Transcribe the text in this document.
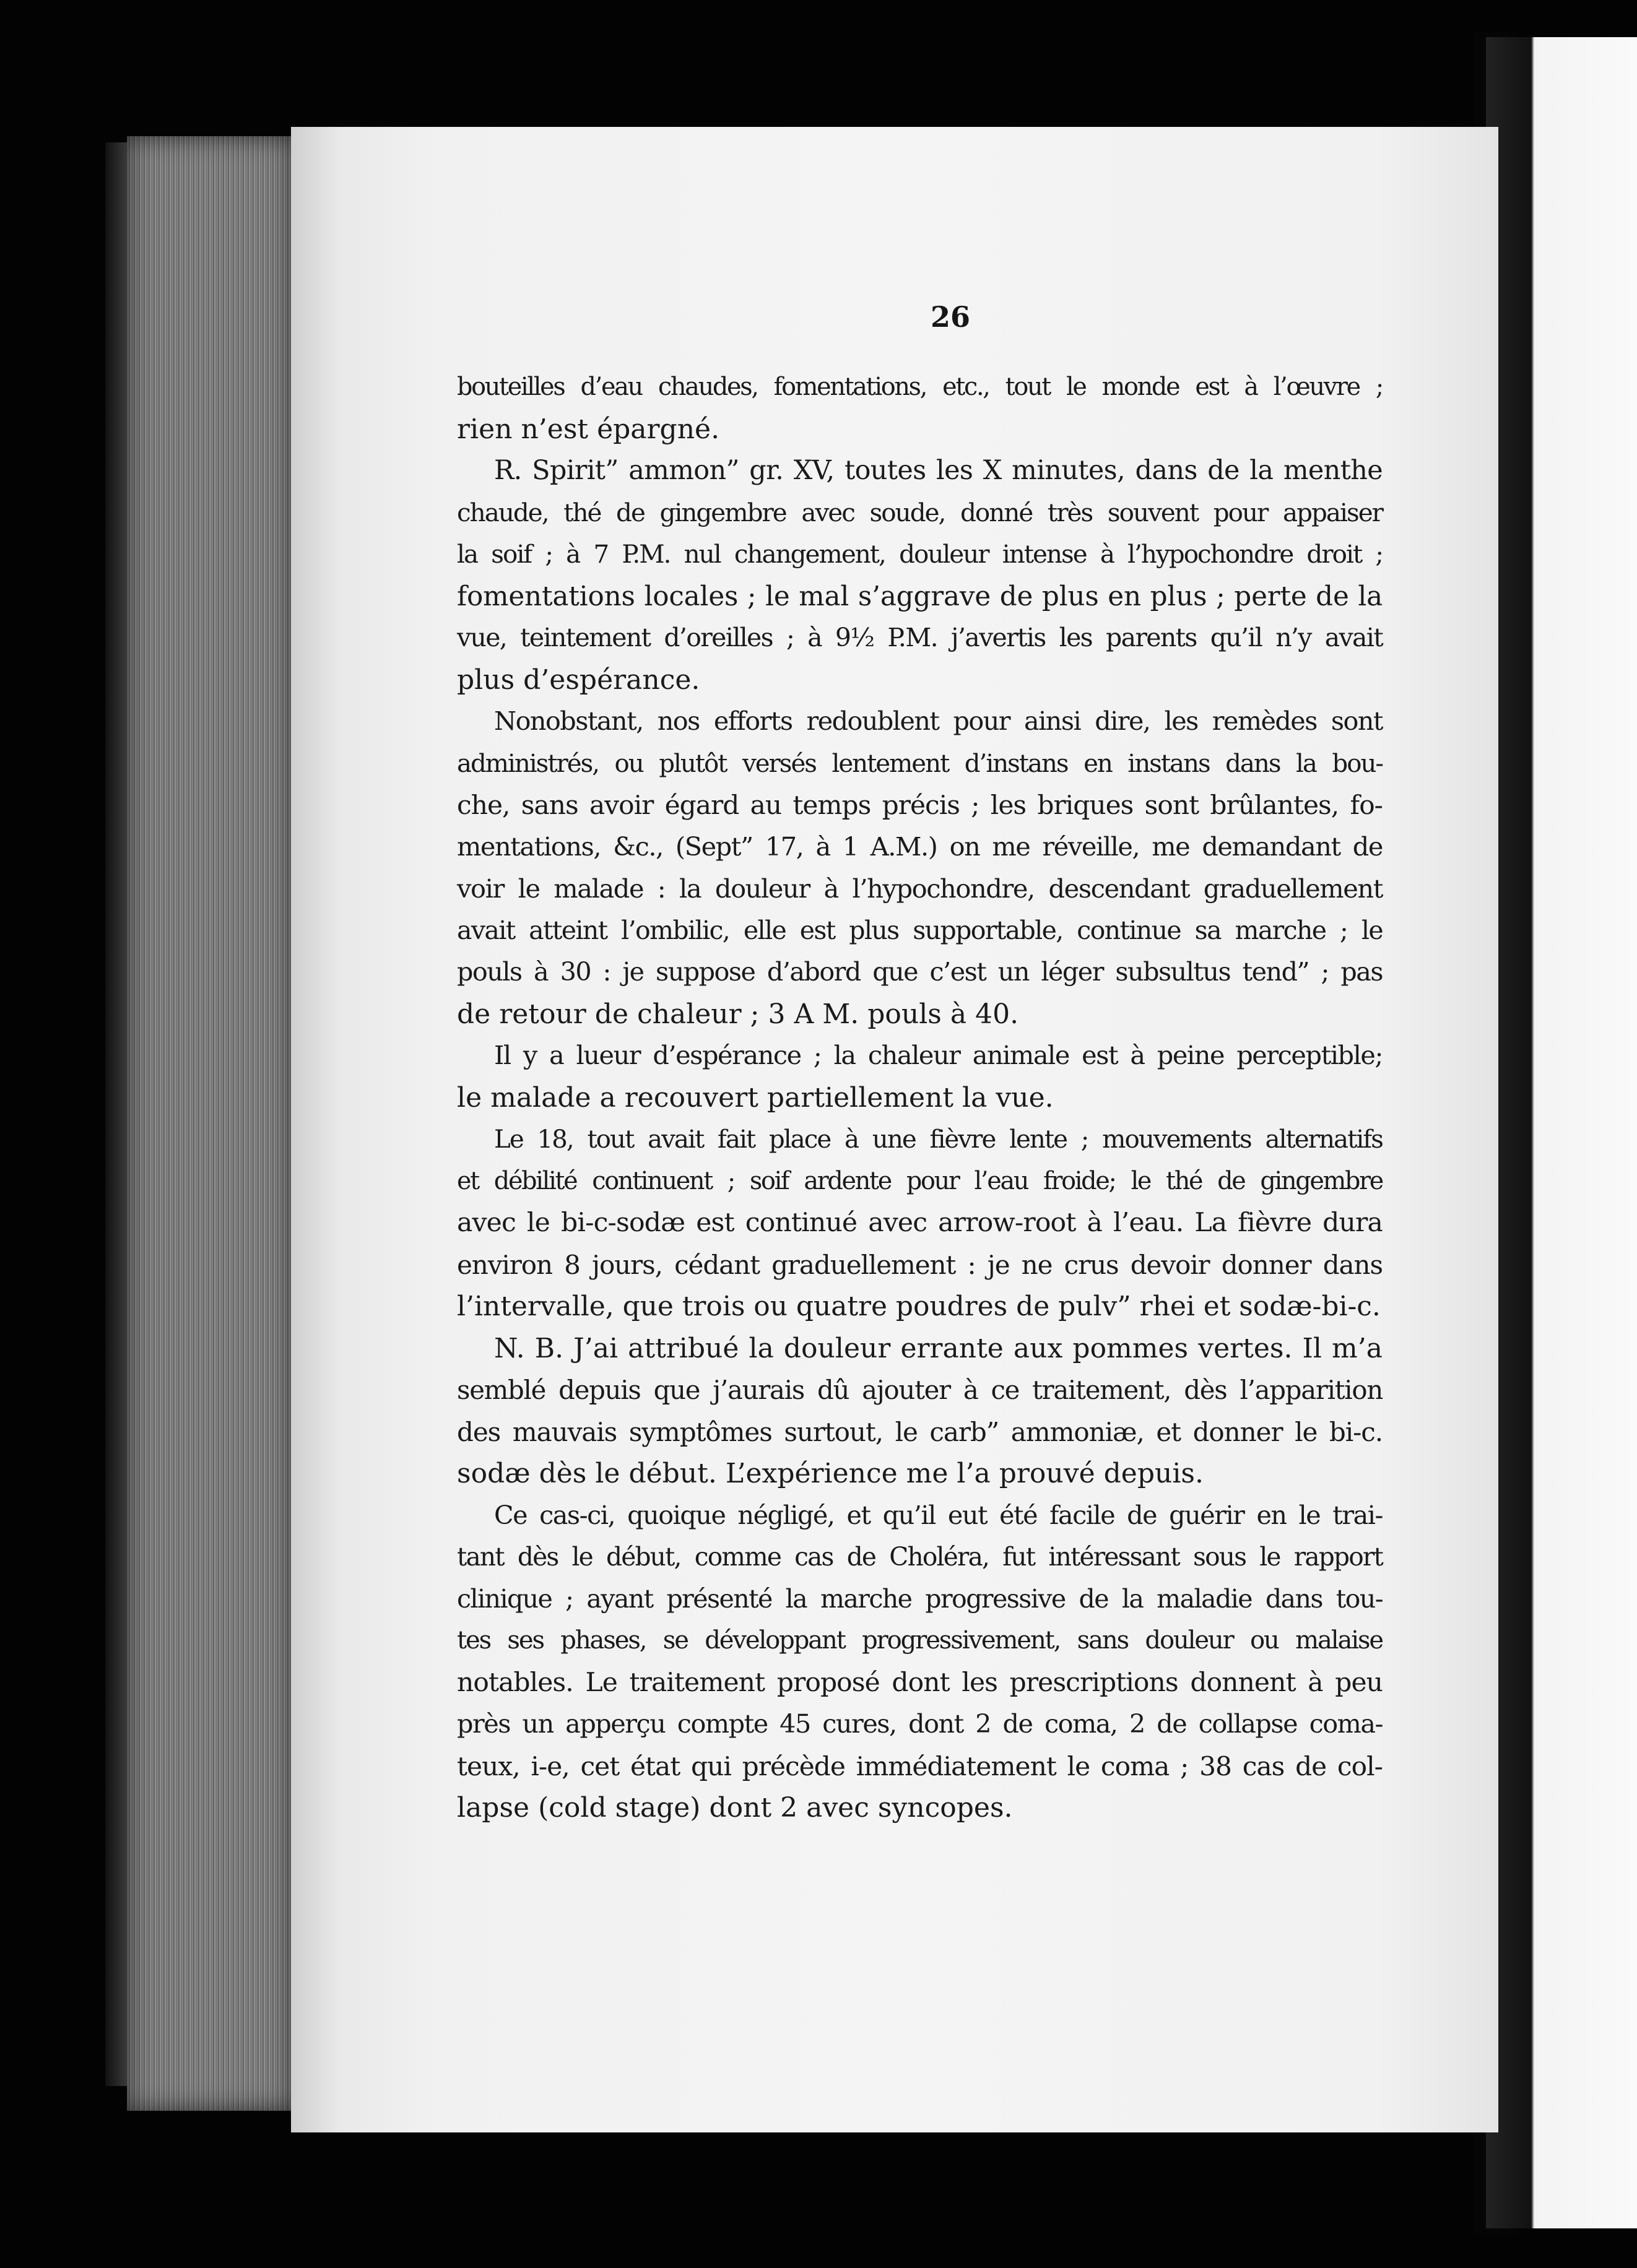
26
bouteilles d’eau chaudes, fomentations, etc., tout le monde est à l’œuvre ;
rien n’est épargné.
R. Spirit” ammon” gr. XV, toutes les X minutes, dans de la menthe
chaude, thé de gingembre avec soude, donné très souvent pour appaiser
la soif ; à 7 P.M. nul changement, douleur intense à l’hypochondre droit ;
fomentations locales ; le mal s’aggrave de plus en plus ; perte de la
vue, teintement d’oreilles ; à 9½ P.M. j’avertis les parents qu’il n’y avait
plus d’espérance.
Nonobstant, nos efforts redoublent pour ainsi dire, les remèdes sont
administrés, ou plutôt versés lentement d’instans en instans dans la bou-
che, sans avoir égard au temps précis ; les briques sont brûlantes, fo-
mentations, &c., (Sept” 17, à 1 A.M.) on me réveille, me demandant de
voir le malade : la douleur à l’hypochondre, descendant graduellement
avait atteint l’ombilic, elle est plus supportable, continue sa marche ; le
pouls à 30 : je suppose d’abord que c’est un léger subsultus tend” ; pas
de retour de chaleur ; 3 A M. pouls à 40.
Il y a lueur d’espérance ; la chaleur animale est à peine perceptible;
le malade a recouvert partiellement la vue.
Le 18, tout avait fait place à une fièvre lente ; mouvements alternatifs
et débilité continuent ; soif ardente pour l’eau froide; le thé de gingembre
avec le bi-c-sodæ est continué avec arrow-root à l’eau. La fièvre dura
environ 8 jours, cédant graduellement : je ne crus devoir donner dans
l’intervalle, que trois ou quatre poudres de pulv” rhei et sodæ-bi-c.
N. B. J’ai attribué la douleur errante aux pommes vertes. Il m’a
semblé depuis que j’aurais dû ajouter à ce traitement, dès l’apparition
des mauvais symptômes surtout, le carb” ammoniæ, et donner le bi-c.
sodæ dès le début. L’expérience me l’a prouvé depuis.
Ce cas-ci, quoique négligé, et qu’il eut été facile de guérir en le trai-
tant dès le début, comme cas de Choléra, fut intéressant sous le rapport
clinique ; ayant présenté la marche progressive de la maladie dans tou-
tes ses phases, se développant progressivement, sans douleur ou malaise
notables. Le traitement proposé dont les prescriptions donnent à peu
près un apperçu compte 45 cures, dont 2 de coma, 2 de collapse coma-
teux, i-e, cet état qui précède immédiatement le coma ; 38 cas de col-
lapse (cold stage) dont 2 avec syncopes.
